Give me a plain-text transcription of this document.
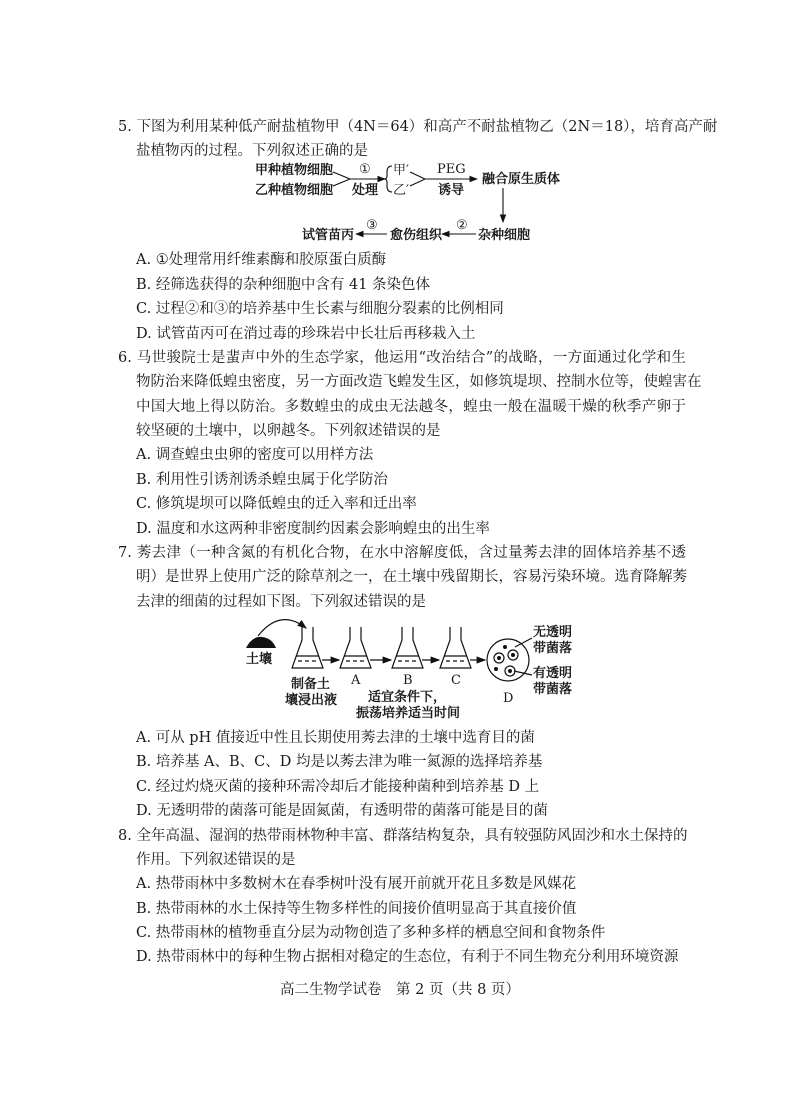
5. 下图为利用某种低产耐盐植物甲（4N＝64）和高产不耐盐植物乙（2N＝18），培育高产耐
盐植物丙的过程。下列叙述正确的是
甲种植物细胞
乙种植物细胞
①
处理
甲′
乙′
PEG
诱导
融合原生质体
杂种细胞
②
愈伤组织
③
试管苗丙
A. ①处理常用纤维素酶和胶原蛋白质酶
B. 经筛选获得的杂种细胞中含有 41 条染色体
C. 过程②和③的培养基中生长素与细胞分裂素的比例相同
D. 试管苗丙可在消过毒的珍珠岩中长壮后再移栽入土
6. 马世骏院士是蜚声中外的生态学家，他运用“改治结合”的战略，一方面通过化学和生
物防治来降低蝗虫密度，另一方面改造飞蝗发生区，如修筑堤坝、控制水位等，使蝗害在
中国大地上得以防治。多数蝗虫的成虫无法越冬，蝗虫一般在温暖干燥的秋季产卵于
较坚硬的土壤中，以卵越冬。下列叙述错误的是
A. 调查蝗虫虫卵的密度可以用样方法
B. 利用性引诱剂诱杀蝗虫属于化学防治
C. 修筑堤坝可以降低蝗虫的迁入率和迁出率
D. 温度和水这两种非密度制约因素会影响蝗虫的出生率
7. 莠去津（一种含氮的有机化合物，在水中溶解度低，含过量莠去津的固体培养基不透
明）是世界上使用广泛的除草剂之一，在土壤中残留期长，容易污染环境。选育降解莠
去津的细菌的过程如下图。下列叙述错误的是
土壤
制备土
壤浸出液
A	B	C
D
适宜条件下，
振荡培养适当时间
无透明
带菌落
有透明
带菌落
A. 可从 pH 值接近中性且长期使用莠去津的土壤中选育目的菌
B. 培养基 A、B、C、D 均是以莠去津为唯一氮源的选择培养基
C. 经过灼烧灭菌的接种环需冷却后才能接种菌种到培养基 D 上
D. 无透明带的菌落可能是固氮菌，有透明带的菌落可能是目的菌
8. 全年高温、湿润的热带雨林物种丰富、群落结构复杂，具有较强防风固沙和水土保持的
作用。下列叙述错误的是
A. 热带雨林中多数树木在春季树叶没有展开前就开花且多数是风媒花
B. 热带雨林的水土保持等生物多样性的间接价值明显高于其直接价值
C. 热带雨林的植物垂直分层为动物创造了多种多样的栖息空间和食物条件
D. 热带雨林中的每种生物占据相对稳定的生态位，有利于不同生物充分利用环境资源
高二生物学试卷　第 2 页（共 8 页）
